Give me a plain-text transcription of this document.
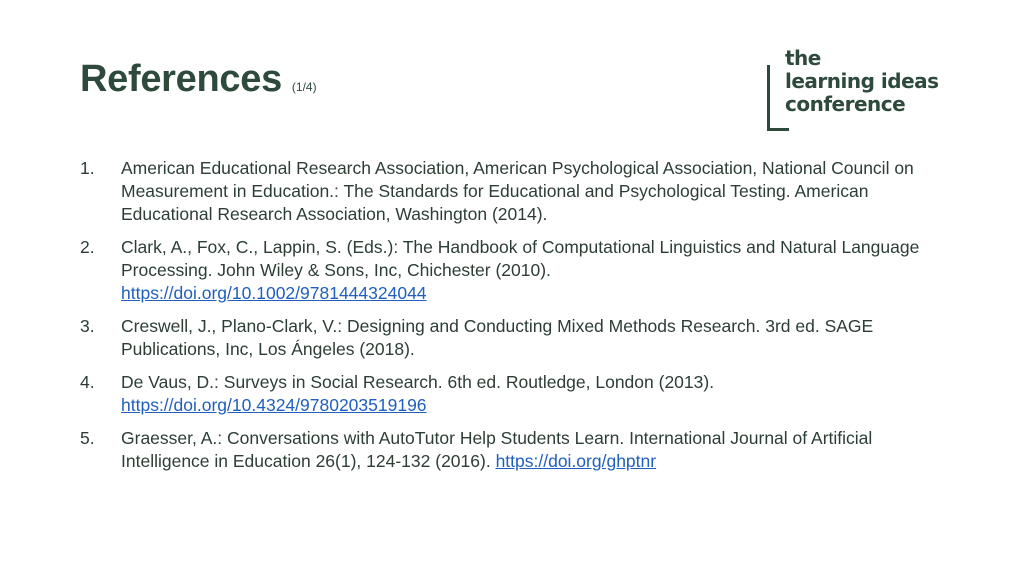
References (1/4)
the
learning ideas
conference
1.	American Educational Research Association, American Psychological Association, National Council on Measurement in Education.: The Standards for Educational and Psychological Testing. American Educational Research Association, Washington (2014).
2.	Clark, A., Fox, C., Lappin, S. (Eds.): The Handbook of Computational Linguistics and Natural Language Processing. John Wiley & Sons, Inc, Chichester (2010).
https://doi.org/10.1002/9781444324044
3.	Creswell, J., Plano-Clark, V.: Designing and Conducting Mixed Methods Research. 3rd ed. SAGE Publications, Inc, Los Ángeles (2018).
4.	De Vaus, D.: Surveys in Social Research. 6th ed. Routledge, London (2013).
https://doi.org/10.4324/9780203519196
5.	Graesser, A.: Conversations with AutoTutor Help Students Learn. International Journal of Artificial Intelligence in Education 26(1), 124-132 (2016). https://doi.org/ghptnr
